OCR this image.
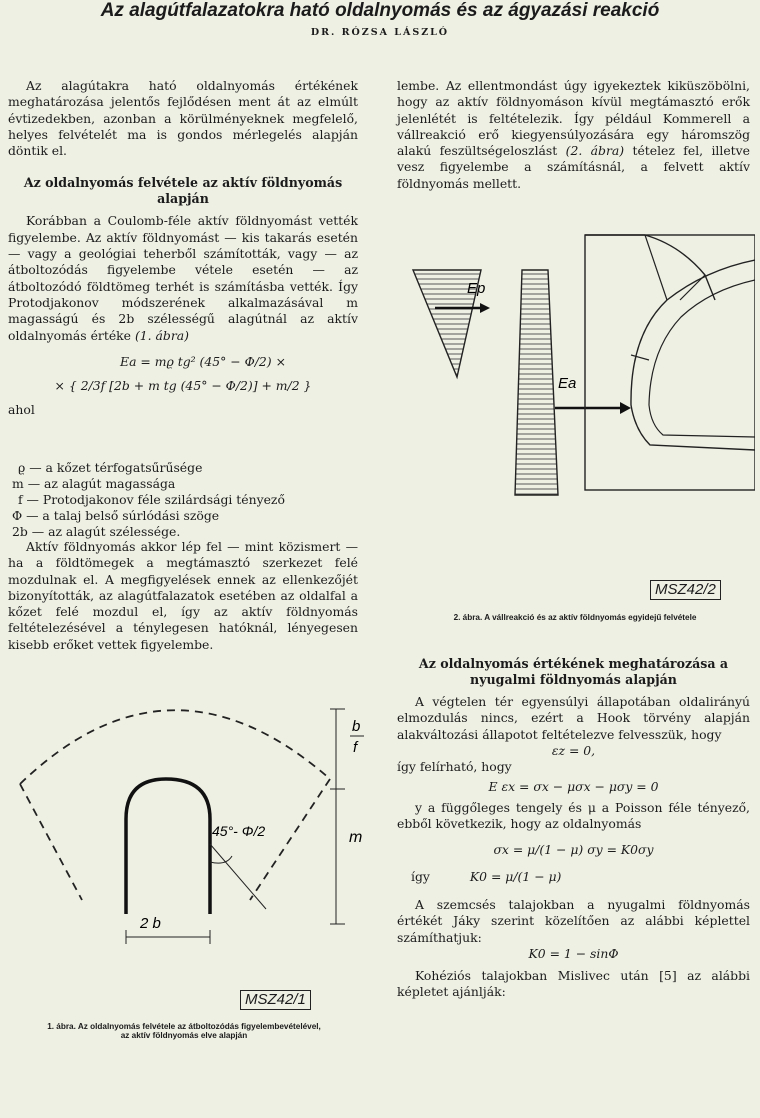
Az alagútfalazatokra ható oldalnyomás és az ágyazási reakció
DR. RÓZSA LÁSZLÓ

Az alagútakra ható oldalnyomás értékének meghatározása jelentős fejlődésen ment át az elmúlt évtizedekben, azonban a körülményeknek megfelelő, helyes felvételét ma is gondos mérlegelés alapján döntik el.

Az oldalnyomás felvétele az aktív földnyomás
alapján

Korábban a Coulomb-féle aktív földnyomást vették figyelembe. Az aktív földnyomást — kis takarás esetén — vagy a geológiai teherből számították, vagy — az átboltozódás figyelembe vétele esetén — az átboltozódó földtömeg terhét is számításba vették. Így Protodjakonov módszerének alkalmazásával m magasságú és 2b szélességű alagútnál az aktív oldalnyomás értéke (1. ábra)

Ea = mϱ tg² (45° − Φ/2) ×
× { 2/3f [2b + m tg (45° − Φ/2)] + m/2 }

ahol

ϱ — a kőzet térfogatsűrűsége
m — az alagút magassága
f — Protodjakonov féle szilárdsági tényező
Φ — a talaj belső súrlódási szöge
2b — az alagút szélessége.

Aktív földnyomás akkor lép fel — mint közismert — ha a földtömegek a megtámasztó szerkezet felé mozdulnak el. A megfigyelések ennek az ellenkezőjét bizonyították, az alagútfalazatok esetében az oldalfal a kőzet felé mozdul el, így az aktív földnyomás feltételezésével a ténylegesen hatóknál, lényegesen kisebb erőket vettek figyelembe.

b
f
m
45°- Φ/2
2 b
MSZ42/1
1. ábra. Az oldalnyomás felvétele az átboltozódás figyelembevételével,
az aktív földnyomás elve alapján

lembe. Az ellentmondást úgy igyekeztek kiküszöbölni, hogy az aktív földnyomáson kívül megtámasztó erők jelenlétét is feltételezik. Így például Kommerell a vállreakció erő kiegyensúlyozására egy háromszög alakú feszültségeloszlást (2. ábra) tételez fel, illetve vesz figyelembe a számításnál, a felvett aktív földnyomás mellett.

Ep
Ea
MSZ42/2
2. ábra. A vállreakció és az aktív földnyomás egyidejű felvétele
Az oldalnyomás értékének meghatározása a
nyugalmi földnyomás alapján

A végtelen tér egyensúlyi állapotában oldalirányú elmozdulás nincs, ezért a Hook törvény alapján alakváltozási állapotot feltételezve felvesszük, hogy

εz = 0,

így felírható, hogy

E εx = σx − μσx − μσy = 0

y a függőleges tengely és μ a Poisson féle tényező, ebből következik, hogy az oldalnyomás

σx = μ/(1 − μ) σy = K0σy
így	K0 = μ/(1 − μ)

A szemcsés talajokban a nyugalmi földnyomás értékét Jáky szerint közelítően az alábbi képlettel számíthatjuk:

K0 = 1 − sinΦ

Kohéziós talajokban Mislivec után [5] az alábbi képletet ajánlják:
